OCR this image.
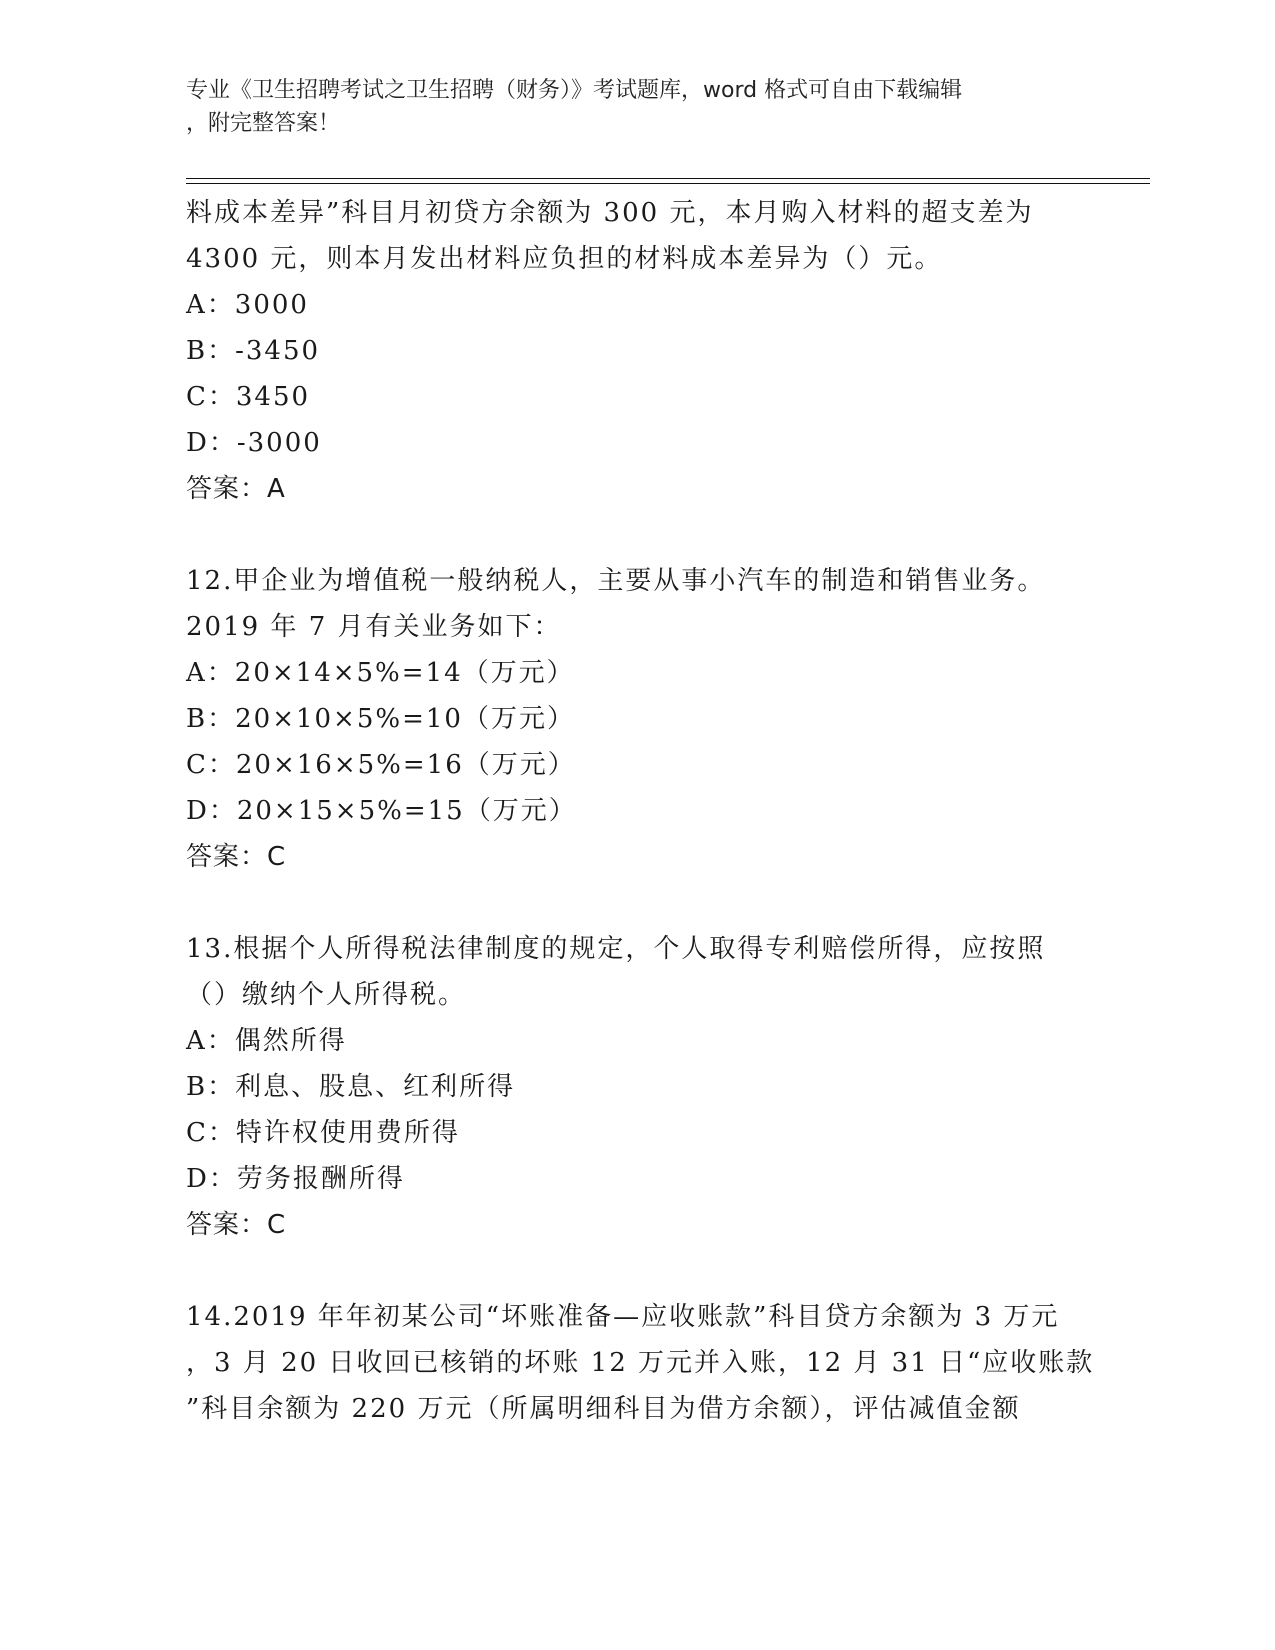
专业《卫生招聘考试之卫生招聘（财务）》考试题库，word 格式可自由下载编辑
，附完整答案！
料成本差异”科目月初贷方余额为 300 元，本月购入材料的超支差为
4300 元，则本月发出材料应负担的材料成本差异为（）元。
A：3000
B：-3450
C：3450
D：-3000
答案：A
12.甲企业为增值税一般纳税人，主要从事小汽车的制造和销售业务。
2019 年 7 月有关业务如下：
A：20×14×5%=14（万元）
B：20×10×5%=10（万元）
C：20×16×5%=16（万元）
D：20×15×5%=15（万元）
答案：C
13.根据个人所得税法律制度的规定，个人取得专利赔偿所得，应按照
（）缴纳个人所得税。
A：偶然所得
B：利息、股息、红利所得
C：特许权使用费所得
D：劳务报酬所得
答案：C
14.2019 年年初某公司“坏账准备—应收账款”科目贷方余额为 3 万元
，3 月 20 日收回已核销的坏账 12 万元并入账，12 月 31 日“应收账款
”科目余额为 220 万元（所属明细科目为借方余额），评估减值金额
